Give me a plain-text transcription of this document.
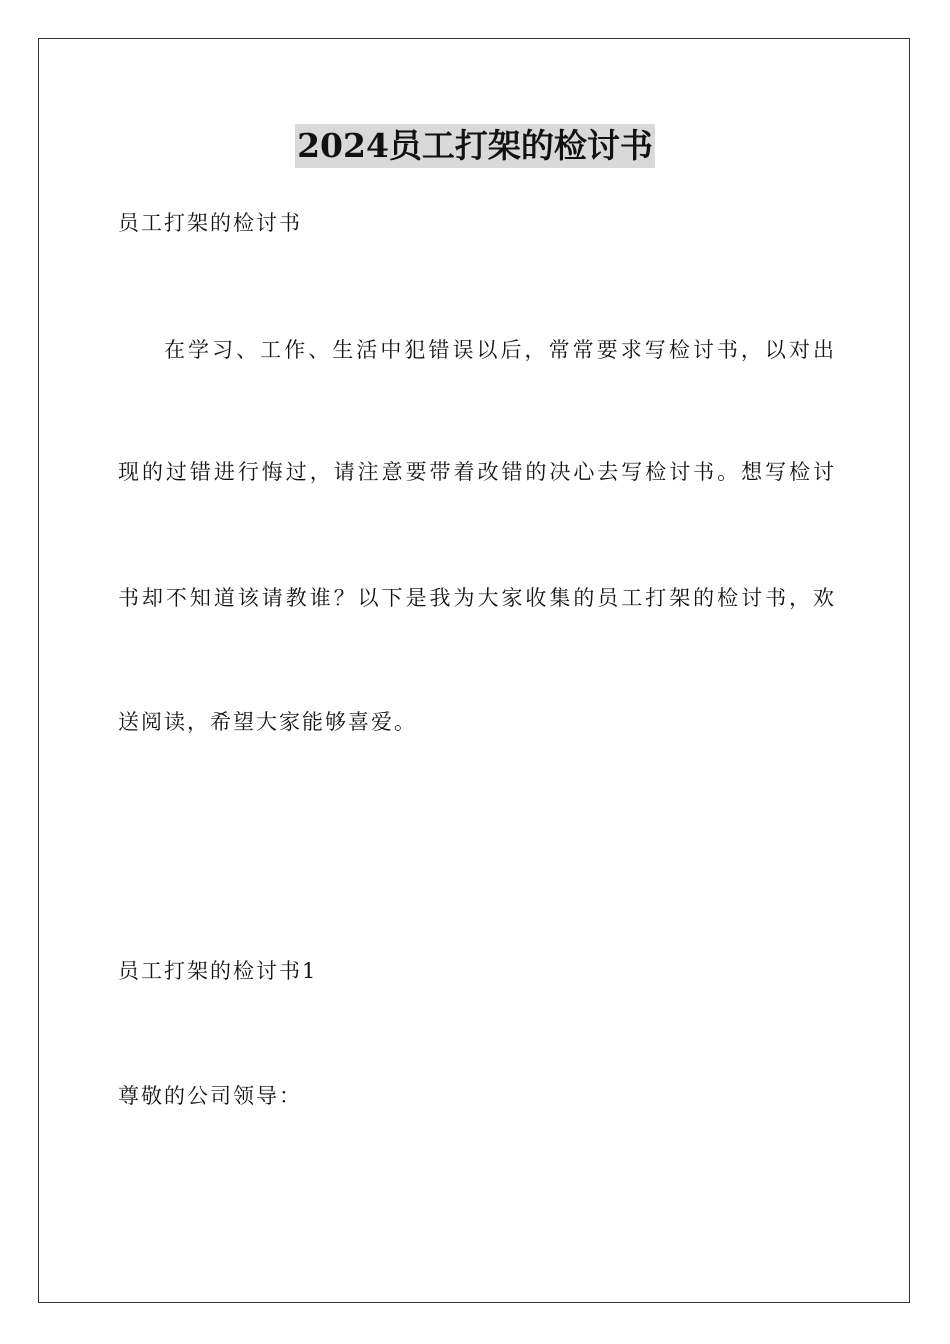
2024员工打架的检讨书
员工打架的检讨书
在学习、工作、生活中犯错误以后，常常要求写检讨书，以对出
现的过错进行悔过，请注意要带着改错的决心去写检讨书。想写检讨
书却不知道该请教谁？以下是我为大家收集的员工打架的检讨书，欢
送阅读，希望大家能够喜爱。
员工打架的检讨书1
尊敬的公司领导：
